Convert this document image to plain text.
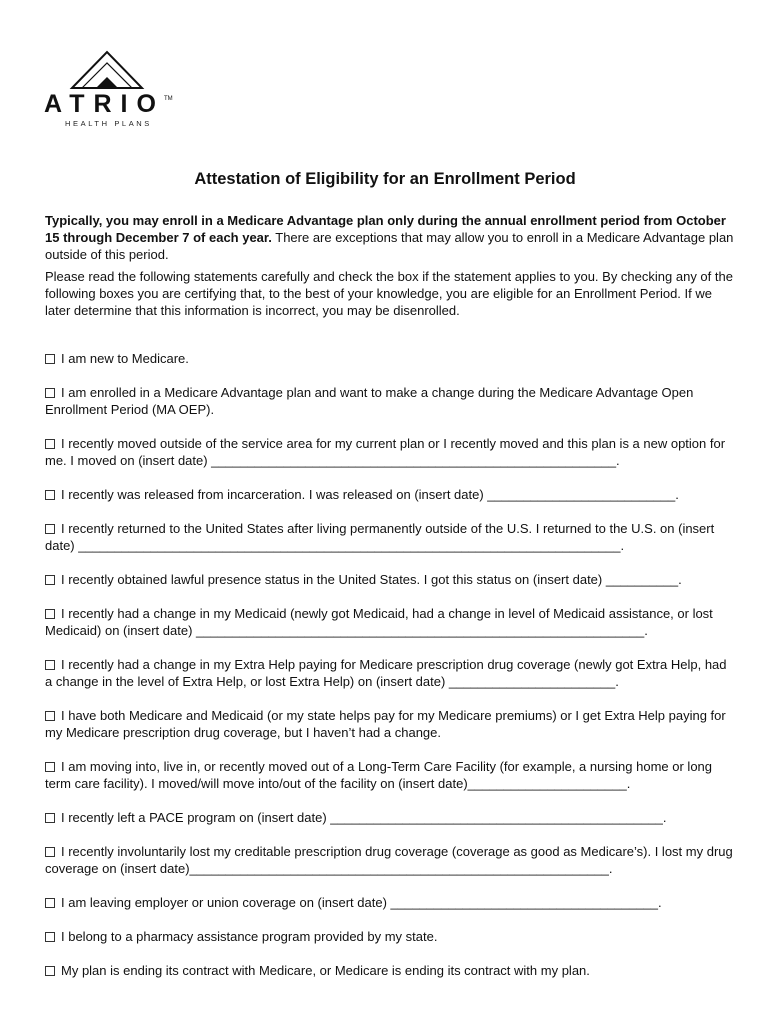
ATRIO TM
HEALTH PLANS
Attestation of Eligibility for an Enrollment Period

Typically, you may enroll in a Medicare Advantage plan only during the annual enrollment period from October 15 through December 7 of each year. There are exceptions that may allow you to enroll in a Medicare Advantage plan outside of this period.

Please read the following statements carefully and check the box if the statement applies to you. By checking any of the following boxes you are certifying that, to the best of your knowledge, you are eligible for an Enrollment Period. If we later determine that this information is incorrect, you may be disenrolled.

I am new to Medicare.

I am enrolled in a Medicare Advantage plan and want to make a change during the Medicare Advantage Open Enrollment Period (MA OEP).

I recently moved outside of the service area for my current plan or I recently moved and this plan is a new option for me. I moved on (insert date) ________________________________________________________.

I recently was released from incarceration. I was released on (insert date) __________________________.

I recently returned to the United States after living permanently outside of the U.S. I returned to the U.S. on (insert date) ___________________________________________________________________________.

I recently obtained lawful presence status in the United States. I got this status on (insert date) __________.

I recently had a change in my Medicaid (newly got Medicaid, had a change in level of Medicaid assistance, or lost Medicaid) on (insert date) ______________________________________________________________.

I recently had a change in my Extra Help paying for Medicare prescription drug coverage (newly got Extra Help, had a change in the level of Extra Help, or lost Extra Help) on (insert date) _______________________.

I have both Medicare and Medicaid (or my state helps pay for my Medicare premiums) or I get Extra Help paying for my Medicare prescription drug coverage, but I haven’t had a change.

I am moving into, live in, or recently moved out of a Long-Term Care Facility (for example, a nursing home or long term care facility). I moved/will move into/out of the facility on (insert date)______________________.

I recently left a PACE program on (insert date) ______________________________________________.

I recently involuntarily lost my creditable prescription drug coverage (coverage as good as Medicare’s). I lost my drug coverage on (insert date)__________________________________________________________.

I am leaving employer or union coverage on (insert date) _____________________________________.

I belong to a pharmacy assistance program provided by my state.

My plan is ending its contract with Medicare, or Medicare is ending its contract with my plan.
